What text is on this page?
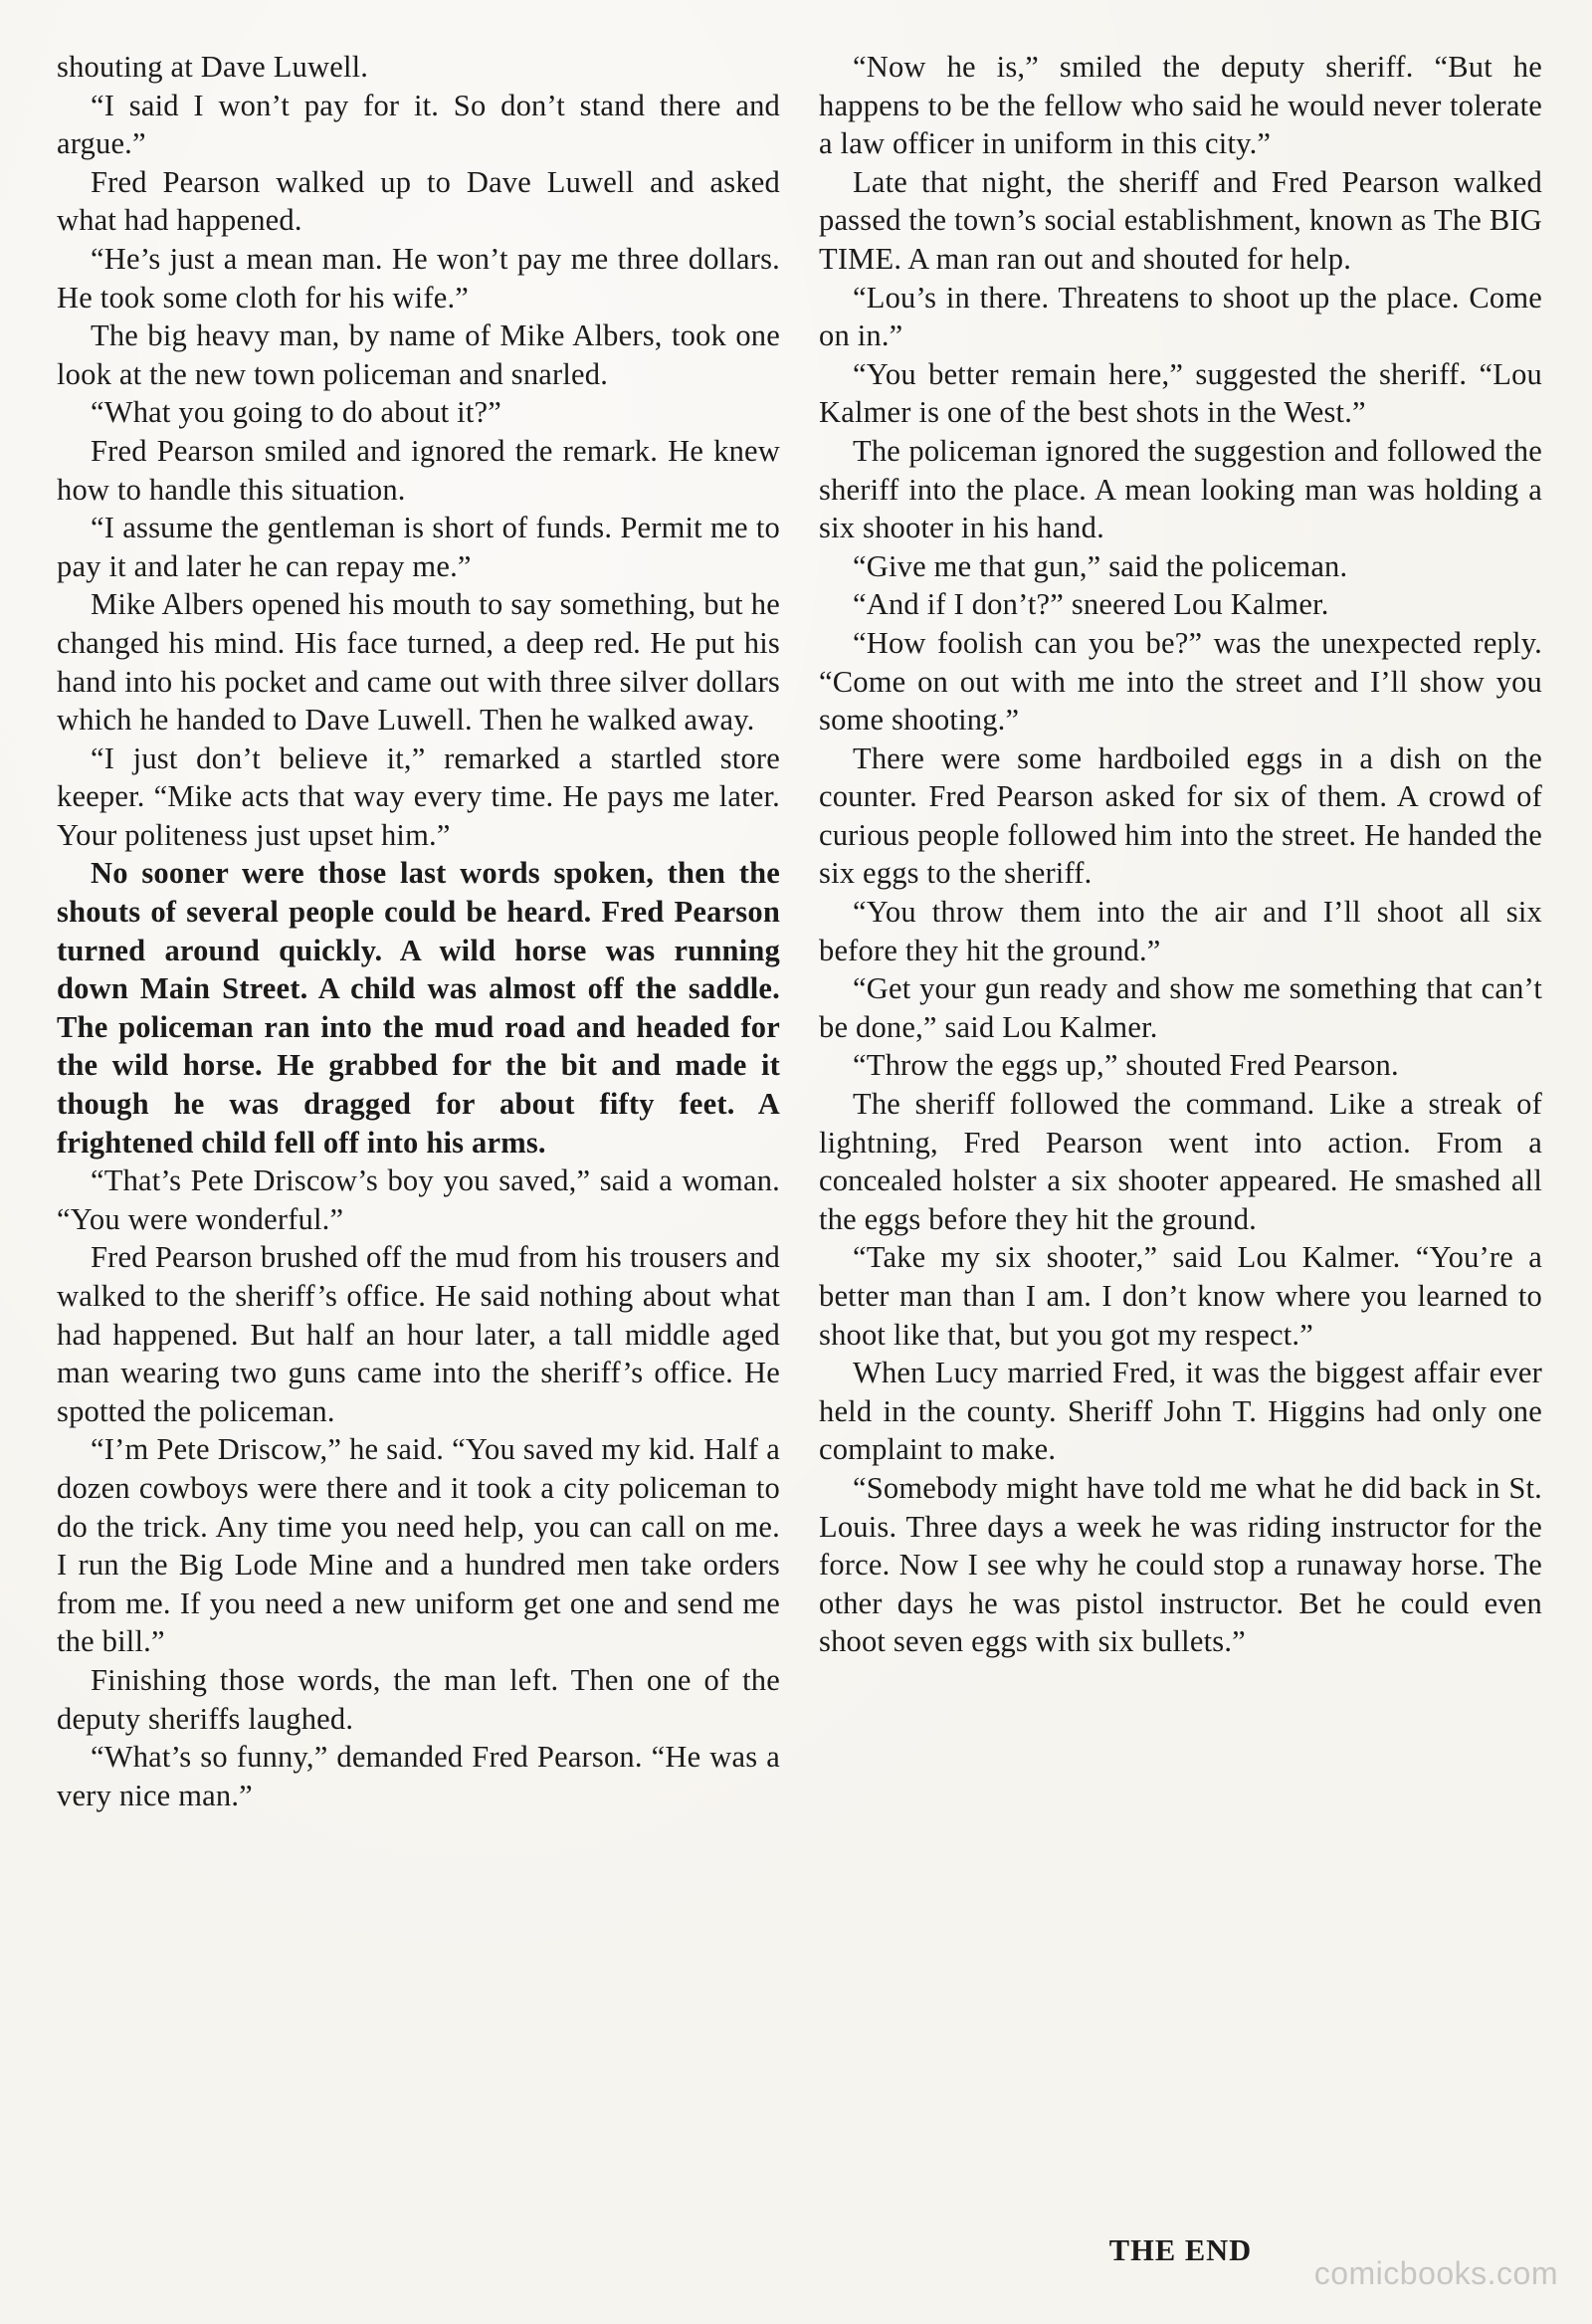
shouting at Dave Luwell.

“I said I won’t pay for it. So don’t stand there and argue.”

Fred Pearson walked up to Dave Luwell and asked what had happened.

“He’s just a mean man. He won’t pay me three dollars. He took some cloth for his wife.”

The big heavy man, by name of Mike Albers, took one look at the new town policeman and snarled.

“What you going to do about it?”

Fred Pearson smiled and ignored the remark. He knew how to handle this situation.

“I assume the gentleman is short of funds. Permit me to pay it and later he can repay me.”

Mike Albers opened his mouth to say something, but he changed his mind. His face turned, a deep red. He put his hand into his pocket and came out with three silver dollars which he handed to Dave Luwell. Then he walked away.

“I just don’t believe it,” remarked a startled store keeper. “Mike acts that way every time. He pays me later. Your politeness just upset him.”

No sooner were those last words spoken, then the shouts of several people could be heard. Fred Pearson turned around quickly. A wild horse was running down Main Street. A child was almost off the saddle. The policeman ran into the mud road and headed for the wild horse. He grabbed for the bit and made it though he was dragged for about fifty feet. A frightened child fell off into his arms.

“That’s Pete Driscow’s boy you saved,” said a woman. “You were wonderful.”

Fred Pearson brushed off the mud from his trousers and walked to the sheriff’s office. He said nothing about what had happened. But half an hour later, a tall middle aged man wearing two guns came into the sheriff’s office. He spotted the policeman.

“I’m Pete Driscow,” he said. “You saved my kid. Half a dozen cowboys were there and it took a city policeman to do the trick. Any time you need help, you can call on me. I run the Big Lode Mine and a hundred men take orders from me. If you need a new uniform get one and send me the bill.”

Finishing those words, the man left. Then one of the deputy sheriffs laughed.

“What’s so funny,” demanded Fred Pearson. “He was a very nice man.”

“Now he is,” smiled the deputy sheriff. “But he happens to be the fellow who said he would never tolerate a law officer in uniform in this city.”

Late that night, the sheriff and Fred Pearson walked passed the town’s social establishment, known as The BIG TIME. A man ran out and shouted for help.

“Lou’s in there. Threatens to shoot up the place. Come on in.”

“You better remain here,” suggested the sheriff. “Lou Kalmer is one of the best shots in the West.”

The policeman ignored the suggestion and followed the sheriff into the place. A mean looking man was holding a six shooter in his hand.

“Give me that gun,” said the policeman.

“And if I don’t?” sneered Lou Kalmer.

“How foolish can you be?” was the unexpected reply. “Come on out with me into the street and I’ll show you some shooting.”

There were some hardboiled eggs in a dish on the counter. Fred Pearson asked for six of them. A crowd of curious people followed him into the street. He handed the six eggs to the sheriff.

“You throw them into the air and I’ll shoot all six before they hit the ground.”

“Get your gun ready and show me something that can’t be done,” said Lou Kalmer.

“Throw the eggs up,” shouted Fred Pearson.

The sheriff followed the command. Like a streak of lightning, Fred Pearson went into action. From a concealed holster a six shooter appeared. He smashed all the eggs before they hit the ground.

“Take my six shooter,” said Lou Kalmer. “You’re a better man than I am. I don’t know where you learned to shoot like that, but you got my respect.”

When Lucy married Fred, it was the biggest affair ever held in the county. Sheriff John T. Higgins had only one complaint to make.

“Somebody might have told me what he did back in St. Louis. Three days a week he was riding instructor for the force. Now I see why he could stop a runaway horse. The other days he was pistol instructor. Bet he could even shoot seven eggs with six bullets.”

THE END
comicbooks.com
